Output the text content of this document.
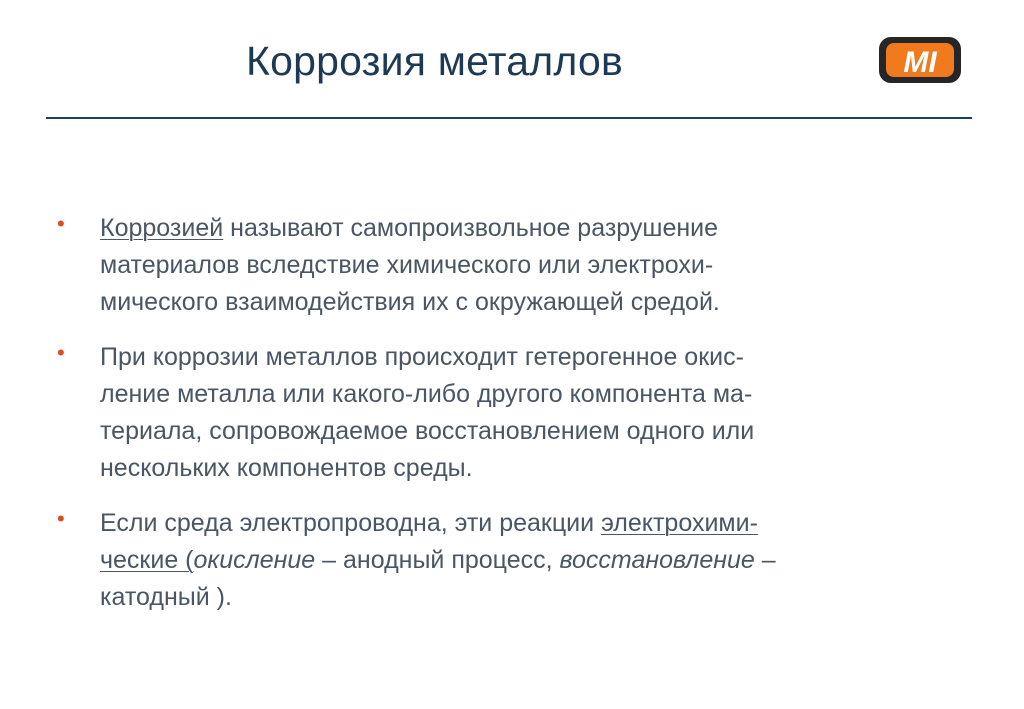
Коррозия металлов	MI
• Коррозией называют самопроизвольное разрушение
материалов вследствие химического или электрохи-
мического взаимодействия их с окружающей средой.
• При коррозии металлов происходит гетерогенное окис-
ление металла или какого-либо другого компонента ма-
териала, сопровождаемое восстановлением одного или
нескольких компонентов среды.
• Если среда электропроводна, эти реакции электрохими-
ческие (окисление – анодный процесс, восстановление –
катодный ).
